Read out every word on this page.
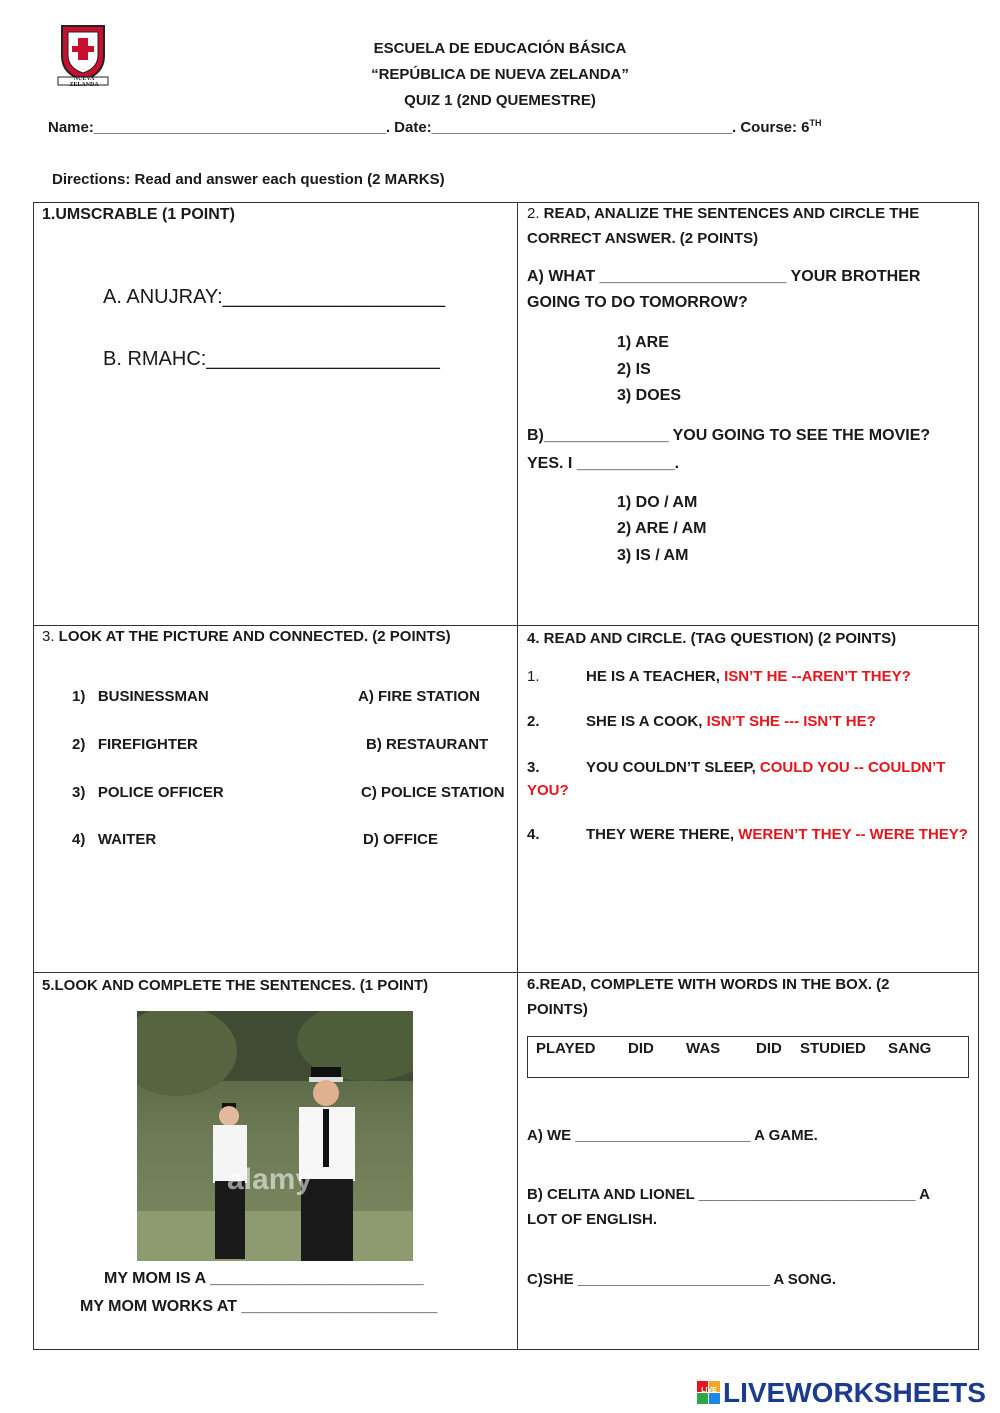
NUEVA ZELANDA
ESCUELA DE EDUCACIÓN BÁSICA
“REPÚBLICA DE NUEVA ZELANDA”
QUIZ 1 (2ND QUEMESTRE)
Name:___________________________________. Date:____________________________________. Course: 6TH
Directions: Read and answer each question (2 MARKS)
1.UMSCRABLE (1 POINT)
A. ANUJRAY:____________________
B. RMAHC:_____________________
2. READ, ANALIZE THE SENTENCES AND CIRCLE THE
CORRECT ANSWER. (2 POINTS)
A) WHAT _____________________ YOUR BROTHER
GOING TO DO TOMORROW?
1) ARE
2) IS
3) DOES
B)______________ YOU GOING TO SEE THE MOVIE?
YES. I ___________.
1) DO / AM
2) ARE / AM
3) IS / AM
3. LOOK AT THE PICTURE AND CONNECTED. (2 POINTS)
1)   BUSINESSMAN
2)   FIREFIGHTER
3)   POLICE OFFICER
4)   WAITER
A) FIRE STATION
B) RESTAURANT
C) POLICE STATION
D) OFFICE
4. READ AND CIRCLE. (TAG QUESTION) (2 POINTS)
1.	HE IS A TEACHER, ISN’T HE --AREN’T THEY?
2.	SHE IS A COOK, ISN’T SHE --- ISN’T HE?
3.	YOU COULDN’T SLEEP, COULD YOU -- COULDN’T
YOU?
4.	THEY WERE THERE, WEREN’T THEY -- WERE THEY?
5.LOOK AND COMPLETE THE SENTENCES. (1 POINT)
alamy
MY MOM IS A ________________________
MY MOM WORKS AT ______________________
6.READ, COMPLETE WITH WORDS IN THE BOX. (2
POINTS)
PLAYED DID WAS DID STUDIED SANG
A) WE _____________________ A GAME.
B) CELITA AND LIONEL __________________________ A
LOT OF ENGLISH.
C)SHE _______________________ A SONG.
LIVE LIVEWORKSHEETS
